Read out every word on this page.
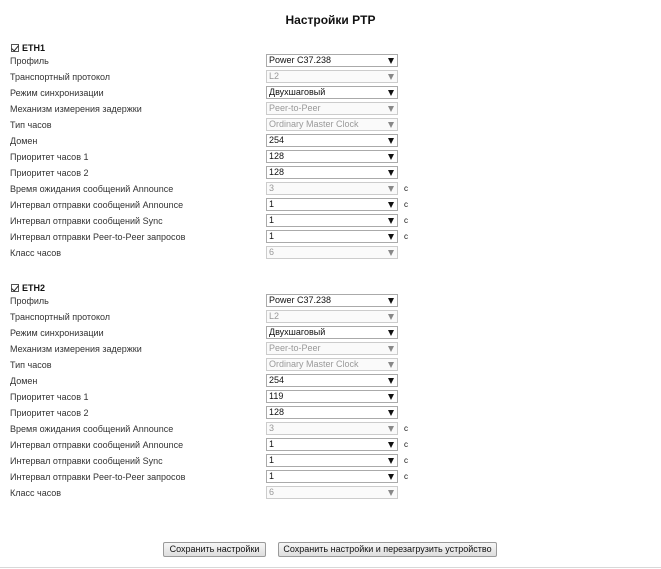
Настройки PTP
ETH1
Профиль	Power C37.238
Транспортный протокол	L2
Режим синхронизации	Двухшаговый
Механизм измерения задержки	Peer-to-Peer
Тип часов	Ordinary Master Clock
Домен	254
Приоритет часов 1	128
Приоритет часов 2	128
Время ожидания сообщений Announce	3	с
Интервал отправки сообщений Announce	1	с
Интервал отправки сообщений Sync	1	с
Интервал отправки Peer-to-Peer запросов	1	с
Класс часов	6
ETH2
Профиль	Power C37.238
Транспортный протокол	L2
Режим синхронизации	Двухшаговый
Механизм измерения задержки	Peer-to-Peer
Тип часов	Ordinary Master Clock
Домен	254
Приоритет часов 1	119
Приоритет часов 2	128
Время ожидания сообщений Announce	3	с
Интервал отправки сообщений Announce	1	с
Интервал отправки сообщений Sync	1	с
Интервал отправки Peer-to-Peer запросов	1	с
Класс часов	6
Сохранить настройки	Сохранить настройки и перезагрузить устройство
